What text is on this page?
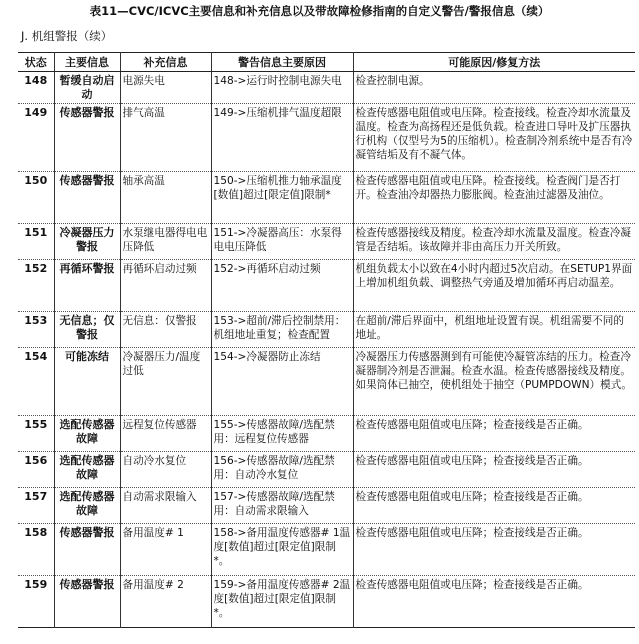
表11—CVC/ICVC主要信息和补充信息以及带故障检修指南的自定义警告/警报信息（续）
J. 机组警报（续）
状态	主要信息	补充信息	警告信息主要原因	可能原因/修复方法
148	暂缓自动启动	电源失电	148->运行时控制电源失电	检查控制电源。
149	传感器警报	排气高温	149->压缩机排气温度超限	检查传感器电阻值或电压降。检查接线。检查冷却水流量及温度。检查为高扬程还是低负载。检查进口导叶及扩压器执行机构（仅型号为5的压缩机）。检查制冷剂系统中是否有冷凝管结垢及有不凝气体。
150	传感器警报	轴承高温	150->压缩机推力轴承温度[数值]超过[限定值]限制*	检查传感器电阻值或电压降。检查接线。检查阀门是否打开。检查油冷却器热力膨胀阀。检查油过滤器及油位。
151	冷凝器压力警报	水泵继电器得电电压降低	151->冷凝器高压：水泵得电电压降低	检查传感器接线及精度。检查冷却水流量及温度。检查冷凝管是否结垢。该故障并非由高压力开关所致。
152	再循环警报	再循环启动过频	152->再循环启动过频	机组负载太小以致在4小时内超过5次启动。在SETUP1界面上增加机组负载、调整热气旁通及增加循环再启动温差。
153	无信息；仅警报	无信息：仅警报	153->超前/滞后控制禁用：机组地址重复；检查配置	在超前/滞后界面中，机组地址设置有误。机组需要不同的地址。
154	可能冻结	冷凝器压力/温度过低	154->冷凝器防止冻结	冷凝器压力传感器测到有可能使冷凝管冻结的压力。检查冷凝器制冷剂是否泄漏。检查水温。检查传感器接线及精度。如果筒体已抽空，使机组处于抽空（PUMPDOWN）模式。
155	选配传感器故障	远程复位传感器	155->传感器故障/选配禁用：远程复位传感器	检查传感器电阻值或电压降；检查接线是否正确。
156	选配传感器故障	自动冷水复位	156->传感器故障/选配禁用：自动冷水复位	检查传感器电阻值或电压降；检查接线是否正确。
157	选配传感器故障	自动需求限输入	157->传感器故障/选配禁用：自动需求限输入	检查传感器电阻值或电压降；检查接线是否正确。
158	传感器警报	备用温度# 1	158->备用温度传感器# 1温度[数值]超过[限定值]限制*。	检查传感器电阻值或电压降；检查接线是否正确。
159	传感器警报	备用温度# 2	159->备用温度传感器# 2温度[数值]超过[限定值]限制*。	检查传感器电阻值或电压降；检查接线是否正确。
